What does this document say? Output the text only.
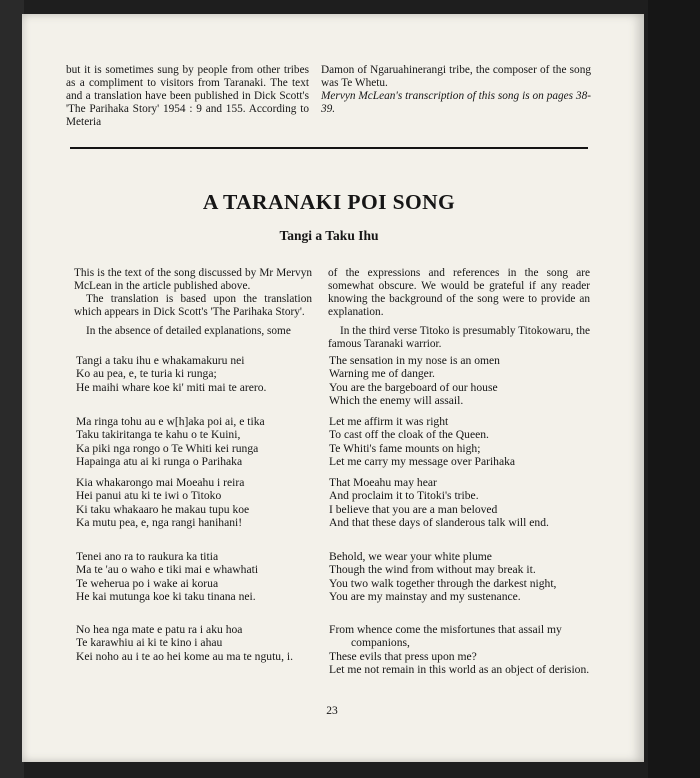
but it is sometimes sung by people from other tribes as a compliment to visitors from Taranaki. The text and a translation have been published in Dick Scott's 'The Parihaka Story' 1954 : 9 and 155. According to Meteria

Damon of Ngaruahinerangi tribe, the composer of the song was Te Whetu.

Mervyn McLean's transcription of this song is on pages 38-39.

A TARANAKI POI SONG
Tangi a Taku Ihu

This is the text of the song discussed by Mr Mervyn McLean in the article published above.

The translation is based upon the translation which appears in Dick Scott's 'The Parihaka Story'.

In the absence of detailed explanations, some

of the expressions and references in the song are somewhat obscure. We would be grateful if any reader knowing the background of the song were to provide an explanation.

In the third verse Titoko is presumably Titokowaru, the famous Taranaki warrior.

Tangi a taku ihu e whakamakuru nei
Ko au pea, e, te turia ki runga;
He maihi whare koe ki' miti mai te arero.
The sensation in my nose is an omen
Warning me of danger.
You are the bargeboard of our house
Which the enemy will assail.
Ma ringa tohu au e w[h]aka poi ai, e tika
Taku takiritanga te kahu o te Kuini,
Ka piki nga rongo o Te Whiti kei runga
Hapainga atu ai ki runga o Parihaka
Let me affirm it was right
To cast off the cloak of the Queen.
Te Whiti's fame mounts on high;
Let me carry my message over Parihaka
Kia whakarongo mai Moeahu i reira
Hei panui atu ki te iwi o Titoko
Ki taku whakaaro he makau tupu koe
Ka mutu pea, e, nga rangi hanihani!
That Moeahu may hear
And proclaim it to Titoki's tribe.
I believe that you are a man beloved
And that these days of slanderous talk will end.
Tenei ano ra to raukura ka titia
Ma te 'au o waho e tiki mai e whawhati
Te weherua po i wake ai korua
He kai mutunga koe ki taku tinana nei.
Behold, we wear your white plume
Though the wind from without may break it.
You two walk together through the darkest night,
You are my mainstay and my sustenance.
No hea nga mate e patu ra i aku hoa
Te karawhiu ai ki te kino i ahau
Kei noho au i te ao hei kome au ma te ngutu, i.
From whence come the misfortunes that assail my companions,
These evils that press upon me?
Let me not remain in this world as an object of derision.
23
